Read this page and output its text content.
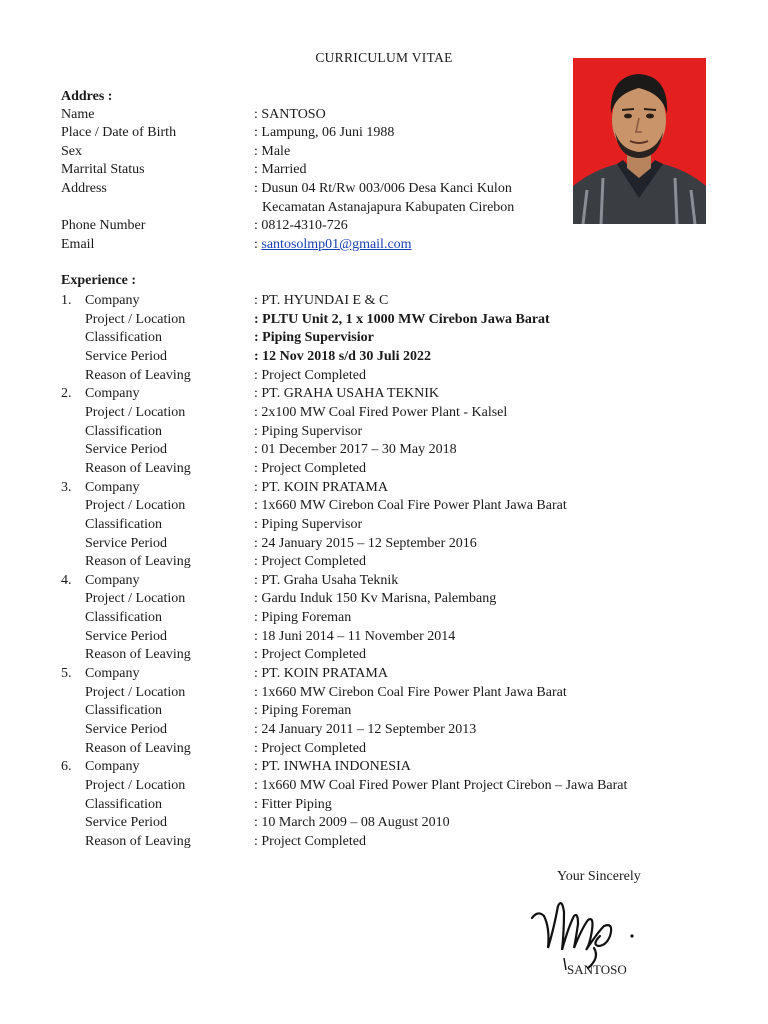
CURRICULUM VITAE
Addres :
Name	: SANTOSO
Place / Date of Birth	: Lampung, 06 Juni 1988
Sex	: Male
Marrital Status	: Married
Address	: Dusun 04 Rt/Rw 003/006 Desa Kanci Kulon
Kecamatan Astanajapura Kabupaten Cirebon
Phone Number	: 0812-4310-726
Email	: santosolmp01@gmail.com
Experience :
1. Company	: PT. HYUNDAI E & C
Project / Location	: PLTU Unit 2, 1 x 1000 MW Cirebon Jawa Barat
Classification	: Piping Supervisior
Service Period	: 12 Nov 2018 s/d 30 Juli 2022
Reason of Leaving	: Project Completed
2. Company	: PT. GRAHA USAHA TEKNIK
Project / Location	: 2x100 MW Coal Fired Power Plant - Kalsel
Classification	: Piping Supervisor
Service Period	: 01 December 2017 – 30 May 2018
Reason of Leaving	: Project Completed
3. Company	: PT. KOIN PRATAMA
Project / Location	: 1x660 MW Cirebon Coal Fire Power Plant Jawa Barat
Classification	: Piping Supervisor
Service Period	: 24 January 2015 – 12 September 2016
Reason of Leaving	: Project Completed
4. Company	: PT. Graha Usaha Teknik
Project / Location	: Gardu Induk 150 Kv Marisna, Palembang
Classification	: Piping Foreman
Service Period	: 18 Juni 2014 – 11 November 2014
Reason of Leaving	: Project Completed
5. Company	: PT. KOIN PRATAMA
Project / Location	: 1x660 MW Cirebon Coal Fire Power Plant Jawa Barat
Classification	: Piping Foreman
Service Period	: 24 January 2011 – 12 September 2013
Reason of Leaving	: Project Completed
6. Company	: PT. INWHA INDONESIA
Project / Location	: 1x660 MW Coal Fired Power Plant Project Cirebon – Jawa Barat
Classification	: Fitter Piping
Service Period	: 10 March 2009 – 08 August 2010
Reason of Leaving	: Project Completed
Your Sincerely
SANTOSO
